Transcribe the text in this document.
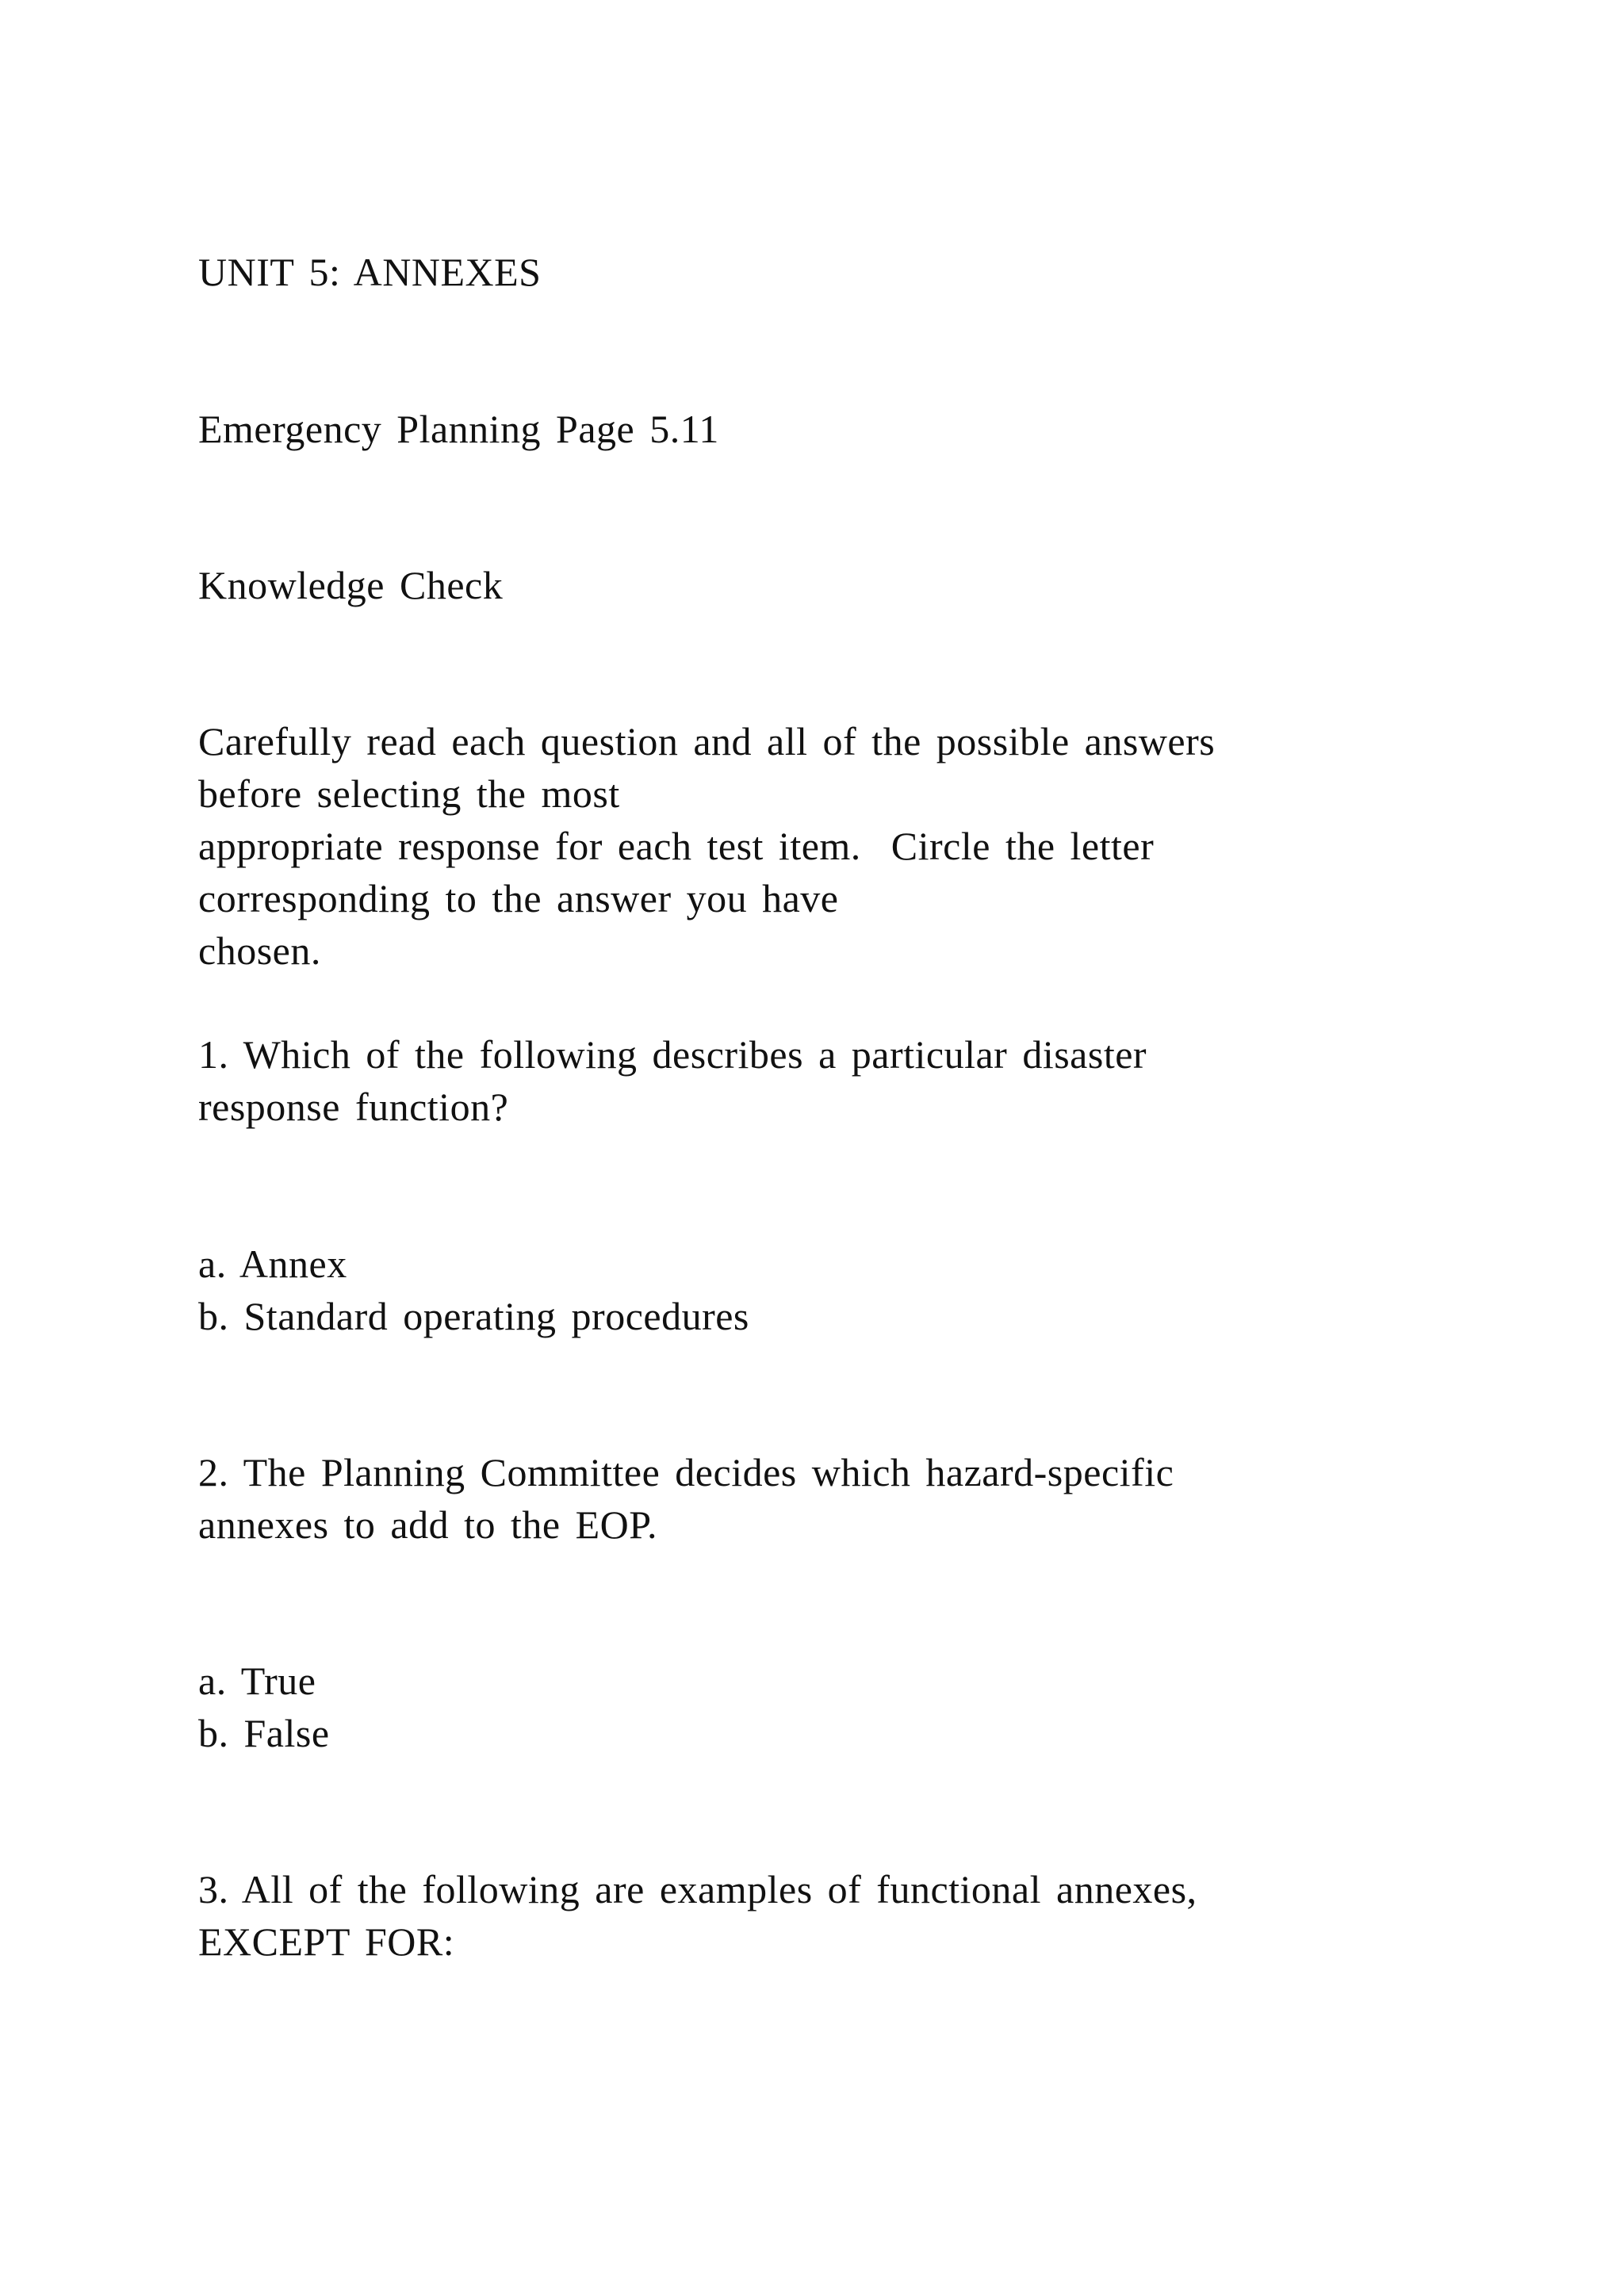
UNIT 5: ANNEXES

Emergency Planning Page 5.11

Knowledge Check

Carefully read each question and all of the possible answers

before selecting the most

appropriate response for each test item.  Circle the letter

corresponding to the answer you have

chosen.

1. Which of the following describes a particular disaster

response function?

a. Annex

b. Standard operating procedures

2. The Planning Committee decides which hazard-specific

annexes to add to the EOP.

a. True

b. False

3. All of the following are examples of functional annexes,

EXCEPT FOR:
